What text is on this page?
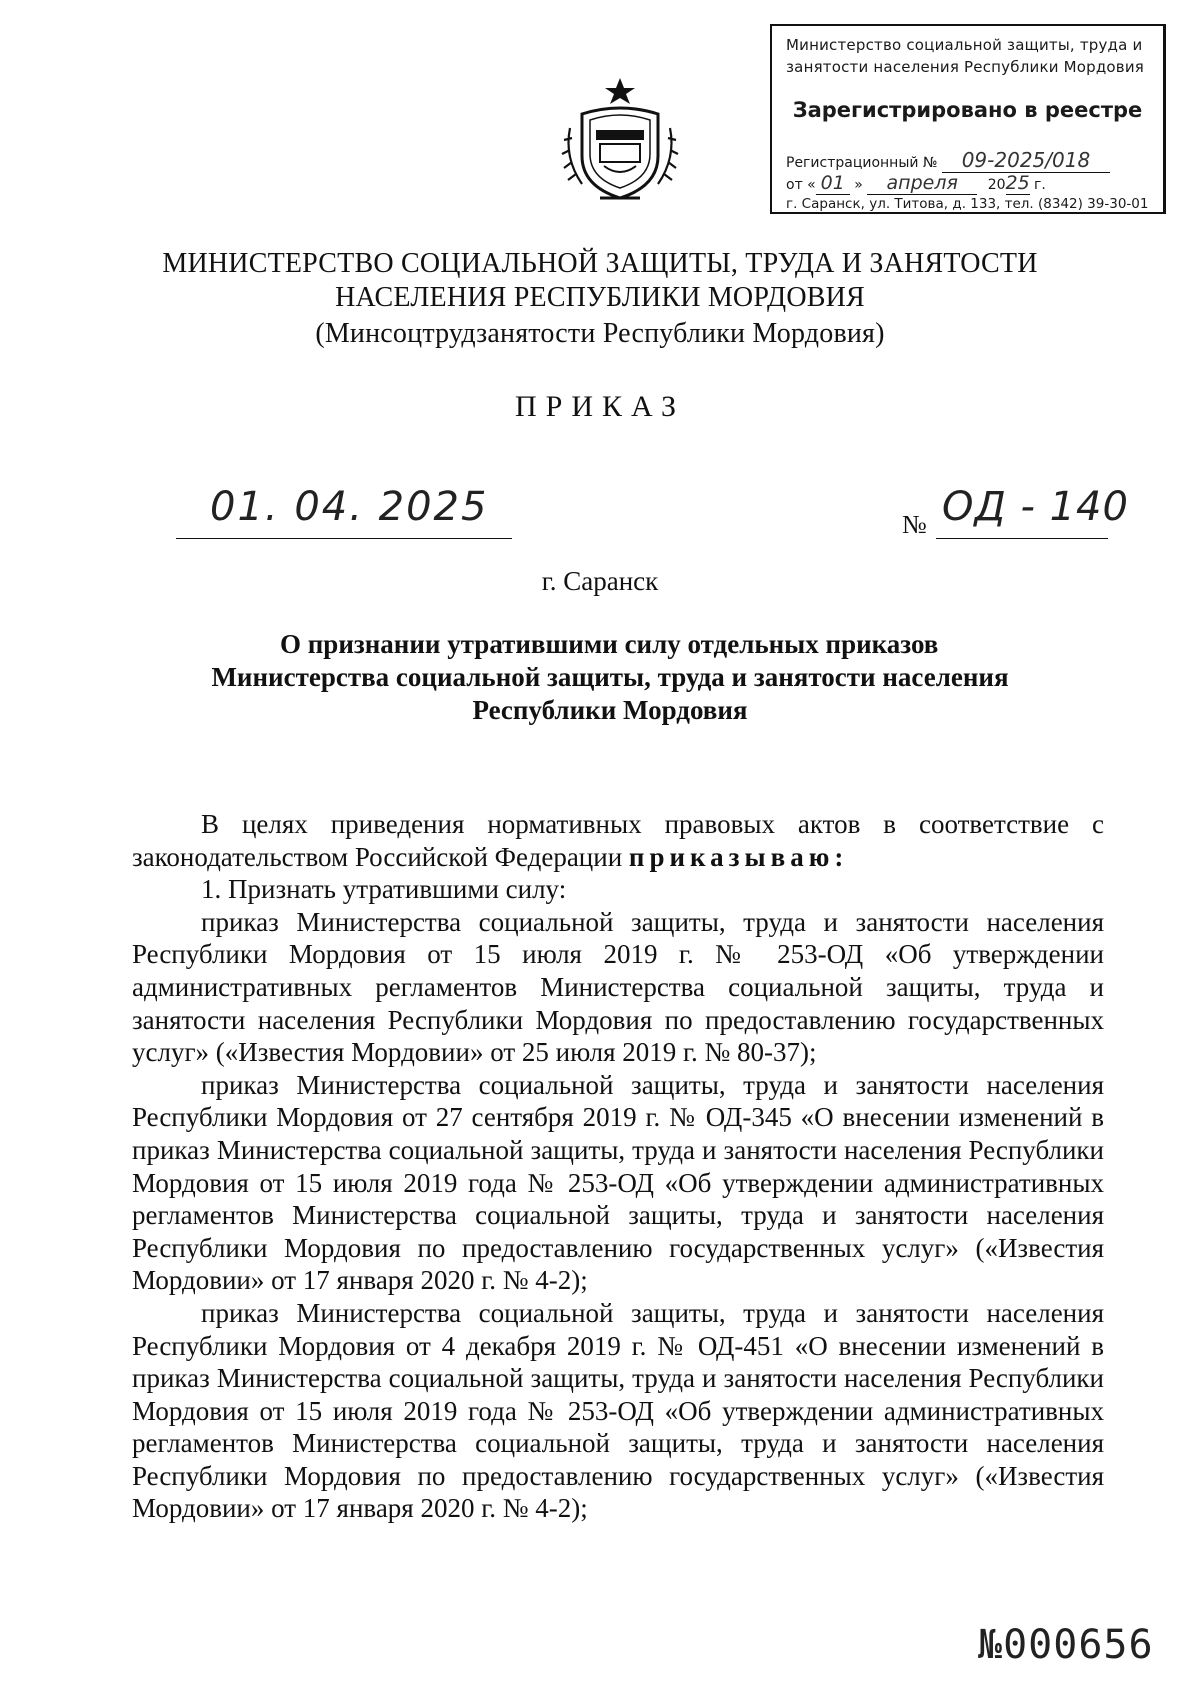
Министерство социальной защиты, труда и
занятости населения Республики Мордовия
Зарегистрировано в реестре
Регистрационный № 09-2025/018
от « 01 » апреля 2025 г.
г. Саранск, ул. Титова, д. 133, тел. (8342) 39-30-01
МИНИСТЕРСТВО СОЦИАЛЬНОЙ ЗАЩИТЫ, ТРУДА И ЗАНЯТОСТИ
НАСЕЛЕНИЯ РЕСПУБЛИКИ МОРДОВИЯ
(Минсоцтрудзанятости Республики Мордовия)
ПРИКАЗ
01. 04. 2025	№ ОД - 140
г. Саранск
О признании утратившими силу отдельных приказов
Министерства социальной защиты, труда и занятости населения
Республики Мордовия

В целях приведения нормативных правовых актов в соответствие с законодательством Российской Федерации приказываю:

1. Признать утратившими силу:

приказ Министерства социальной защиты, труда и занятости населения Республики Мордовия от 15 июля 2019 г. № 253-ОД «Об утверждении административных регламентов Министерства социальной защиты, труда и занятости населения Республики Мордовия по предоставлению государственных услуг» («Известия Мордовии» от 25 июля 2019 г. № 80-37);

приказ Министерства социальной защиты, труда и занятости населения Республики Мордовия от 27 сентября 2019 г. № ОД-345 «О внесении изменений в приказ Министерства социальной защиты, труда и занятости населения Республики Мордовия от 15 июля 2019 года № 253-ОД «Об утверждении административных регламентов Министерства социальной защиты, труда и занятости населения Республики Мордовия по предоставлению государственных услуг» («Известия Мордовии» от 17 января 2020 г. № 4-2);

приказ Министерства социальной защиты, труда и занятости населения Республики Мордовия от 4 декабря 2019 г. № ОД-451 «О внесении изменений в приказ Министерства социальной защиты, труда и занятости населения Республики Мордовия от 15 июля 2019 года № 253-ОД «Об утверждении административных регламентов Министерства социальной защиты, труда и занятости населения Республики Мордовия по предоставлению государственных услуг» («Известия Мордовии» от 17 января 2020 г. № 4-2);

№000656
